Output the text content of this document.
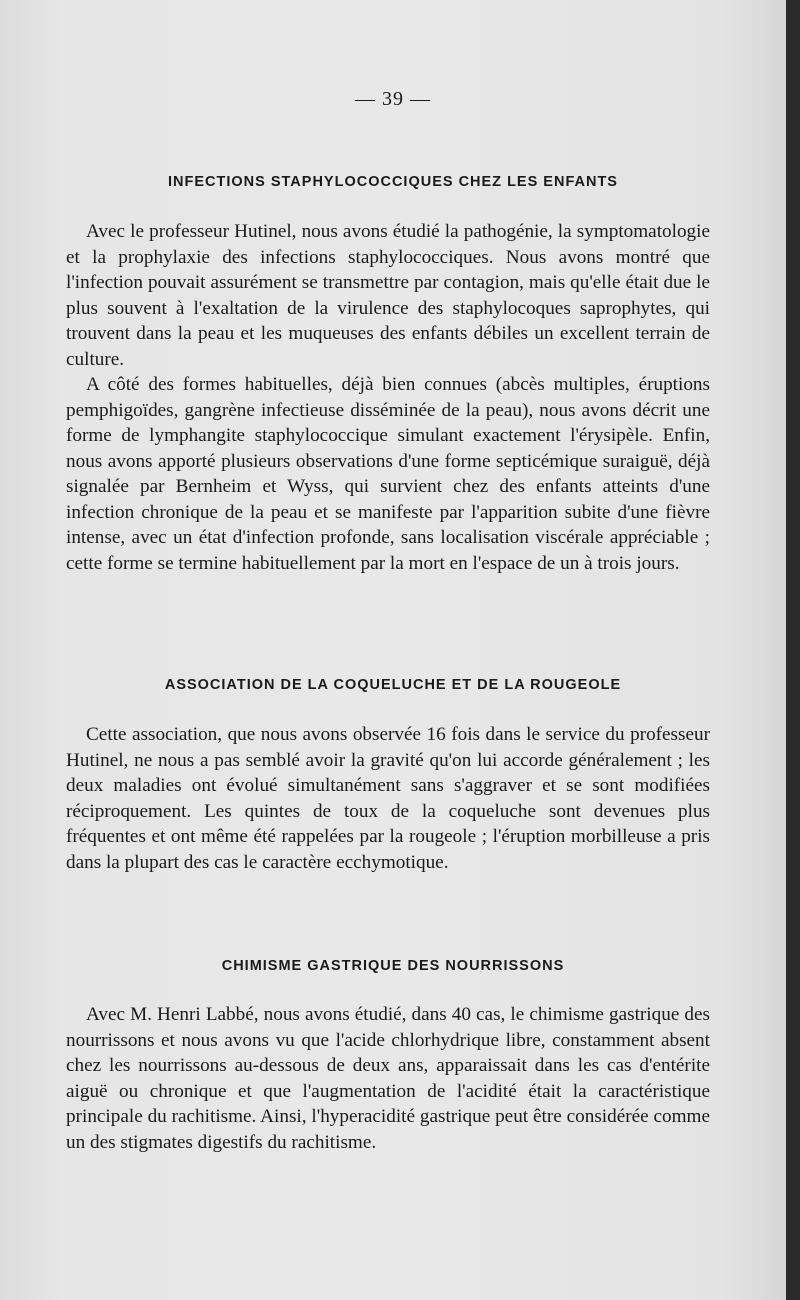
— 39 —
INFECTIONS STAPHYLOCOCCIQUES CHEZ LES ENFANTS

Avec le professeur Hutinel, nous avons étudié la pathogénie, la symptomatologie et la prophylaxie des infections staphylococciques. Nous avons montré que l'infection pouvait assurément se transmettre par contagion, mais qu'elle était due le plus souvent à l'exaltation de la virulence des staphylocoques saprophytes, qui trouvent dans la peau et les muqueuses des enfants débiles un excellent terrain de culture.

A côté des formes habituelles, déjà bien connues (abcès multiples, éruptions pemphigoïdes, gangrène infectieuse disséminée de la peau), nous avons décrit une forme de lymphangite staphylococcique simulant exactement l'érysipèle. Enfin, nous avons apporté plusieurs observations d'une forme septicémique suraiguë, déjà signalée par Bernheim et Wyss, qui survient chez des enfants atteints d'une infection chronique de la peau et se manifeste par l'apparition subite d'une fièvre intense, avec un état d'infection profonde, sans localisation viscérale appréciable ; cette forme se termine habituellement par la mort en l'espace de un à trois jours.

ASSOCIATION DE LA COQUELUCHE ET DE LA ROUGEOLE

Cette association, que nous avons observée 16 fois dans le service du professeur Hutinel, ne nous a pas semblé avoir la gravité qu'on lui accorde généralement ; les deux maladies ont évolué simultanément sans s'aggraver et se sont modifiées réciproquement. Les quintes de toux de la coqueluche sont devenues plus fréquentes et ont même été rappelées par la rougeole ; l'éruption morbilleuse a pris dans la plupart des cas le caractère ecchymotique.

CHIMISME GASTRIQUE DES NOURRISSONS

Avec M. Henri Labbé, nous avons étudié, dans 40 cas, le chimisme gastrique des nourrissons et nous avons vu que l'acide chlorhydrique libre, constamment absent chez les nourrissons au-dessous de deux ans, apparaissait dans les cas d'entérite aiguë ou chronique et que l'augmentation de l'acidité était la caractéristique principale du rachitisme. Ainsi, l'hyperacidité gastrique peut être considérée comme un des stigmates digestifs du rachitisme.
